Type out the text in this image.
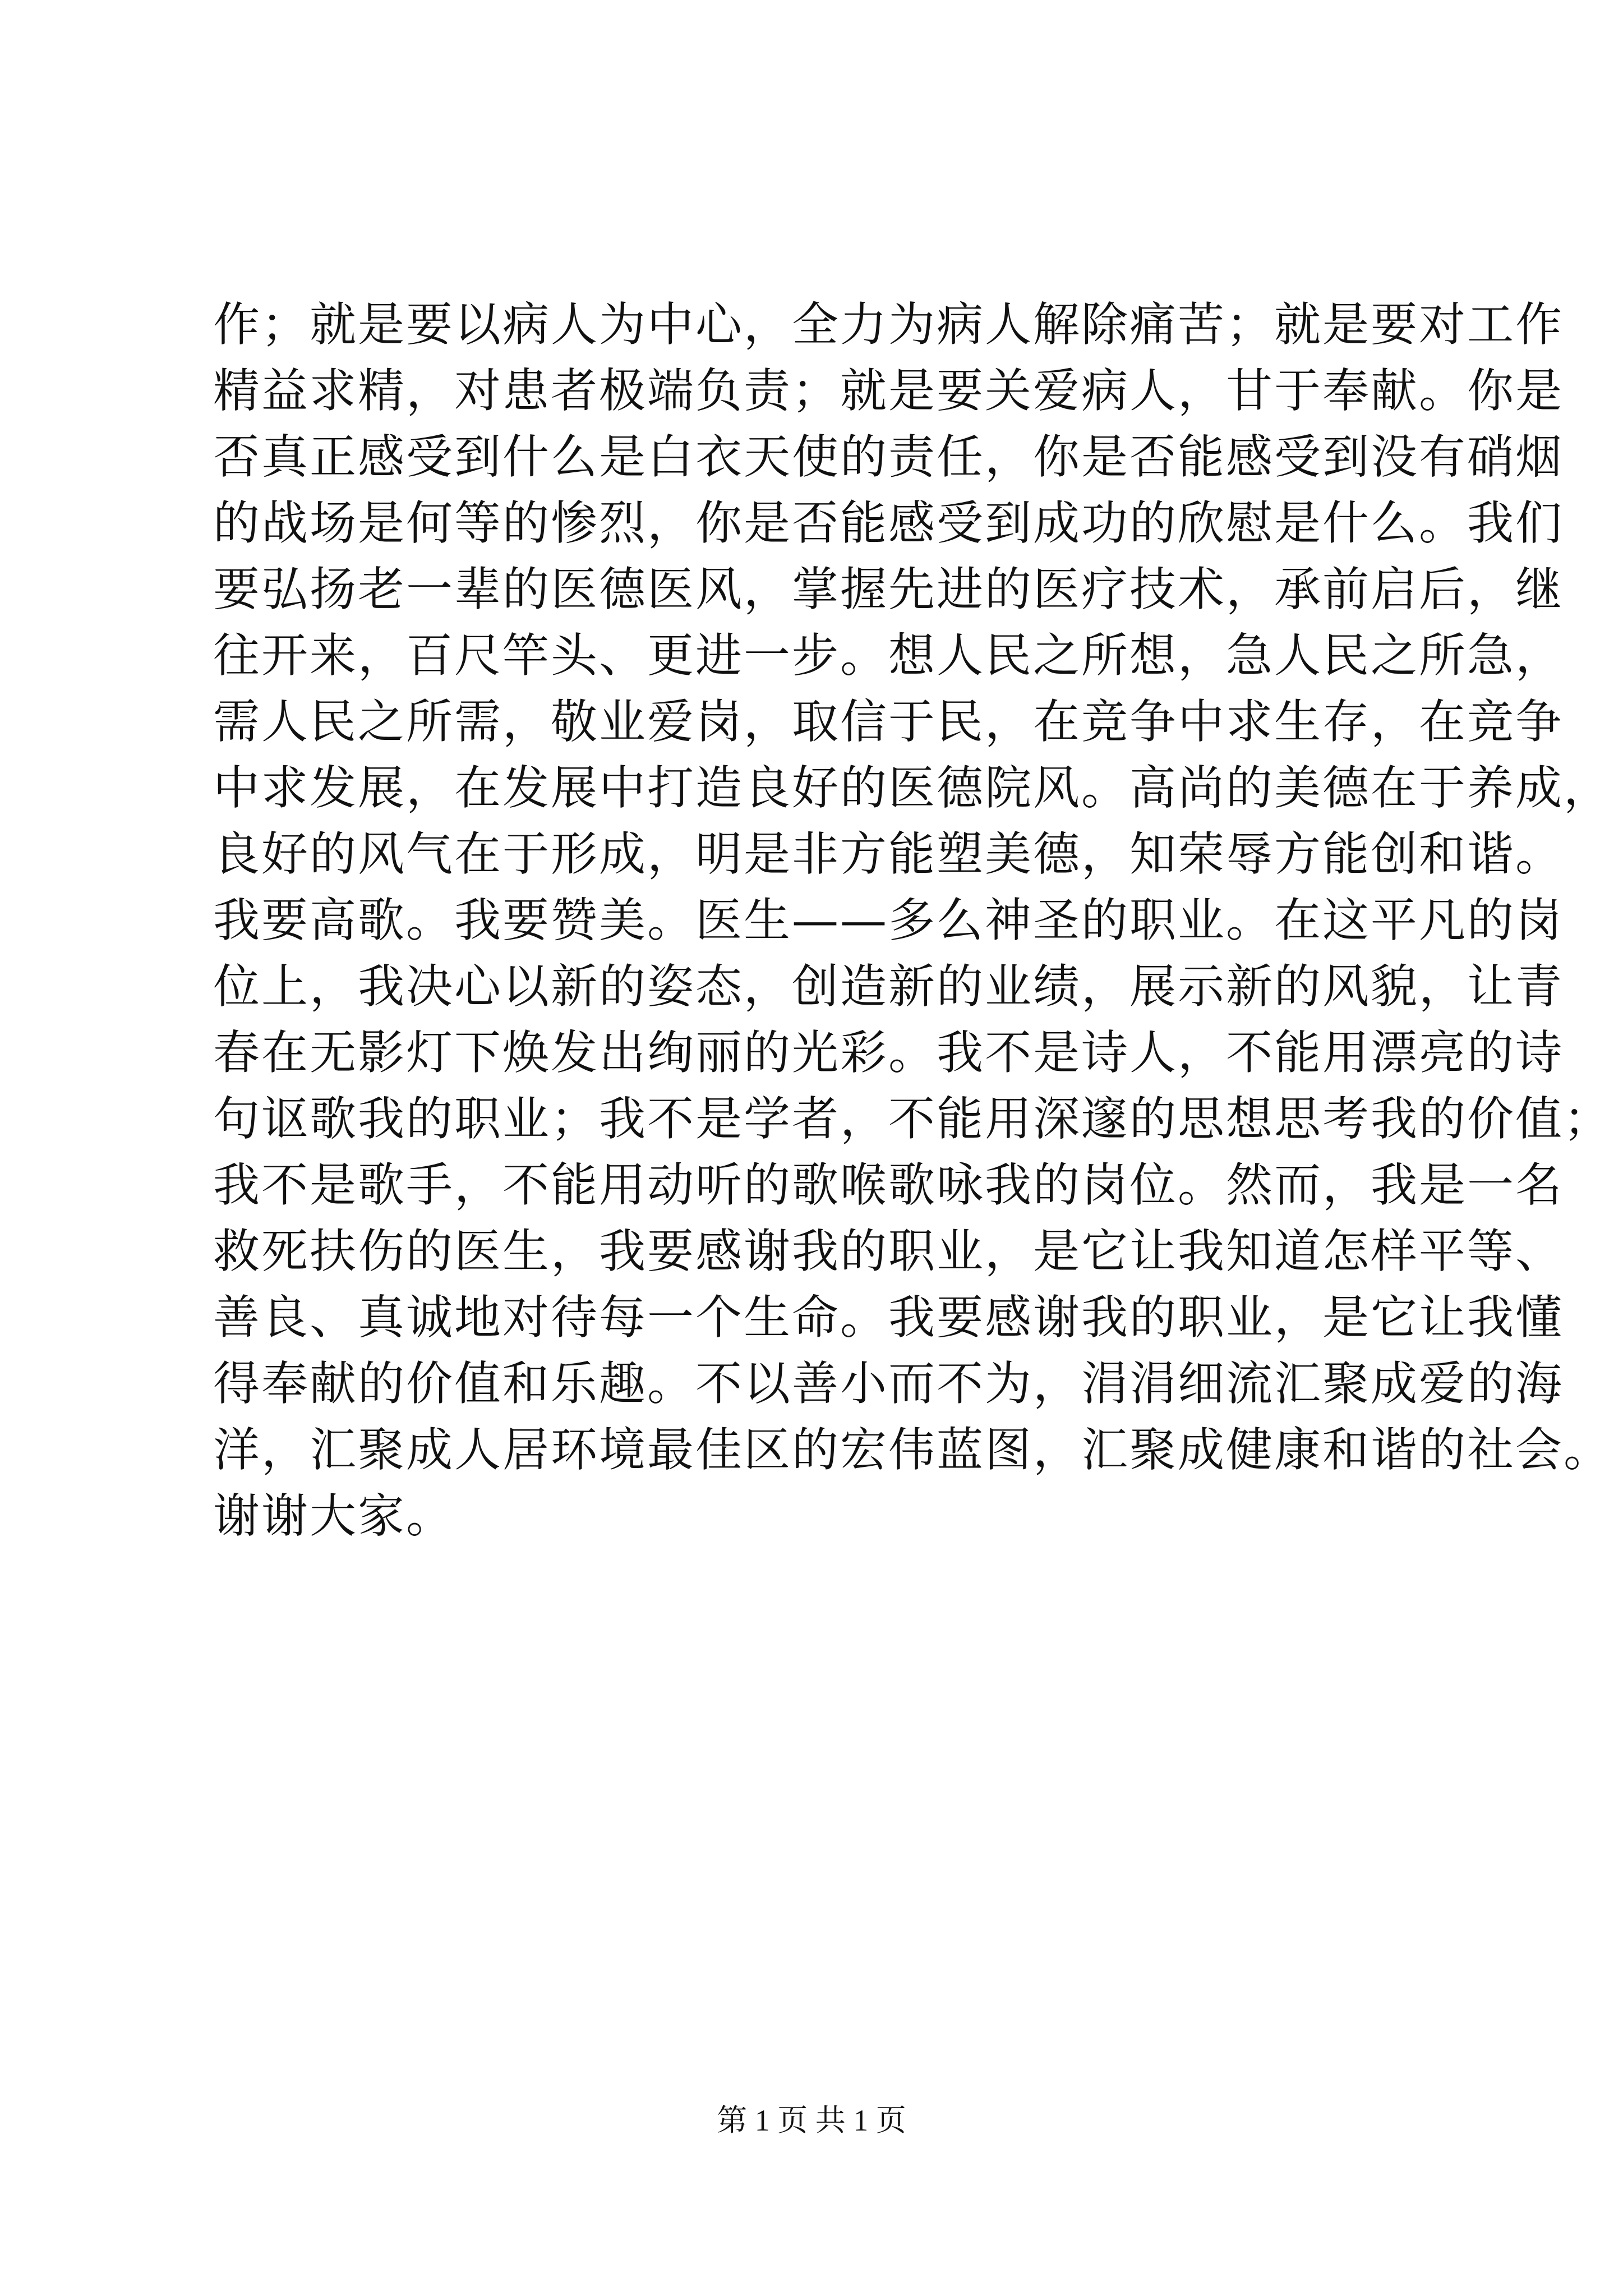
作；就是要以病人为中心，全力为病人解除痛苦；就是要对工作
精益求精，对患者极端负责；就是要关爱病人，甘于奉献。你是
否真正感受到什么是白衣天使的责任，你是否能感受到没有硝烟
的战场是何等的惨烈，你是否能感受到成功的欣慰是什么。我们
要弘扬老一辈的医德医风，掌握先进的医疗技术，承前启后，继
往开来，百尺竿头、更进一步。想人民之所想，急人民之所急，
需人民之所需，敬业爱岗，取信于民，在竞争中求生存，在竞争
中求发展，在发展中打造良好的医德院风。高尚的美德在于养成，
良好的风气在于形成，明是非方能塑美德，知荣辱方能创和谐。
我要高歌。我要赞美。医生——多么神圣的职业。在这平凡的岗
位上，我决心以新的姿态，创造新的业绩，展示新的风貌，让青
春在无影灯下焕发出绚丽的光彩。我不是诗人，不能用漂亮的诗
句讴歌我的职业；我不是学者，不能用深邃的思想思考我的价值；
我不是歌手，不能用动听的歌喉歌咏我的岗位。然而，我是一名
救死扶伤的医生，我要感谢我的职业，是它让我知道怎样平等、
善良、真诚地对待每一个生命。我要感谢我的职业，是它让我懂
得奉献的价值和乐趣。不以善小而不为，涓涓细流汇聚成爱的海
洋，汇聚成人居环境最佳区的宏伟蓝图，汇聚成健康和谐的社会。
谢谢大家。
第 1 页 共 1 页
